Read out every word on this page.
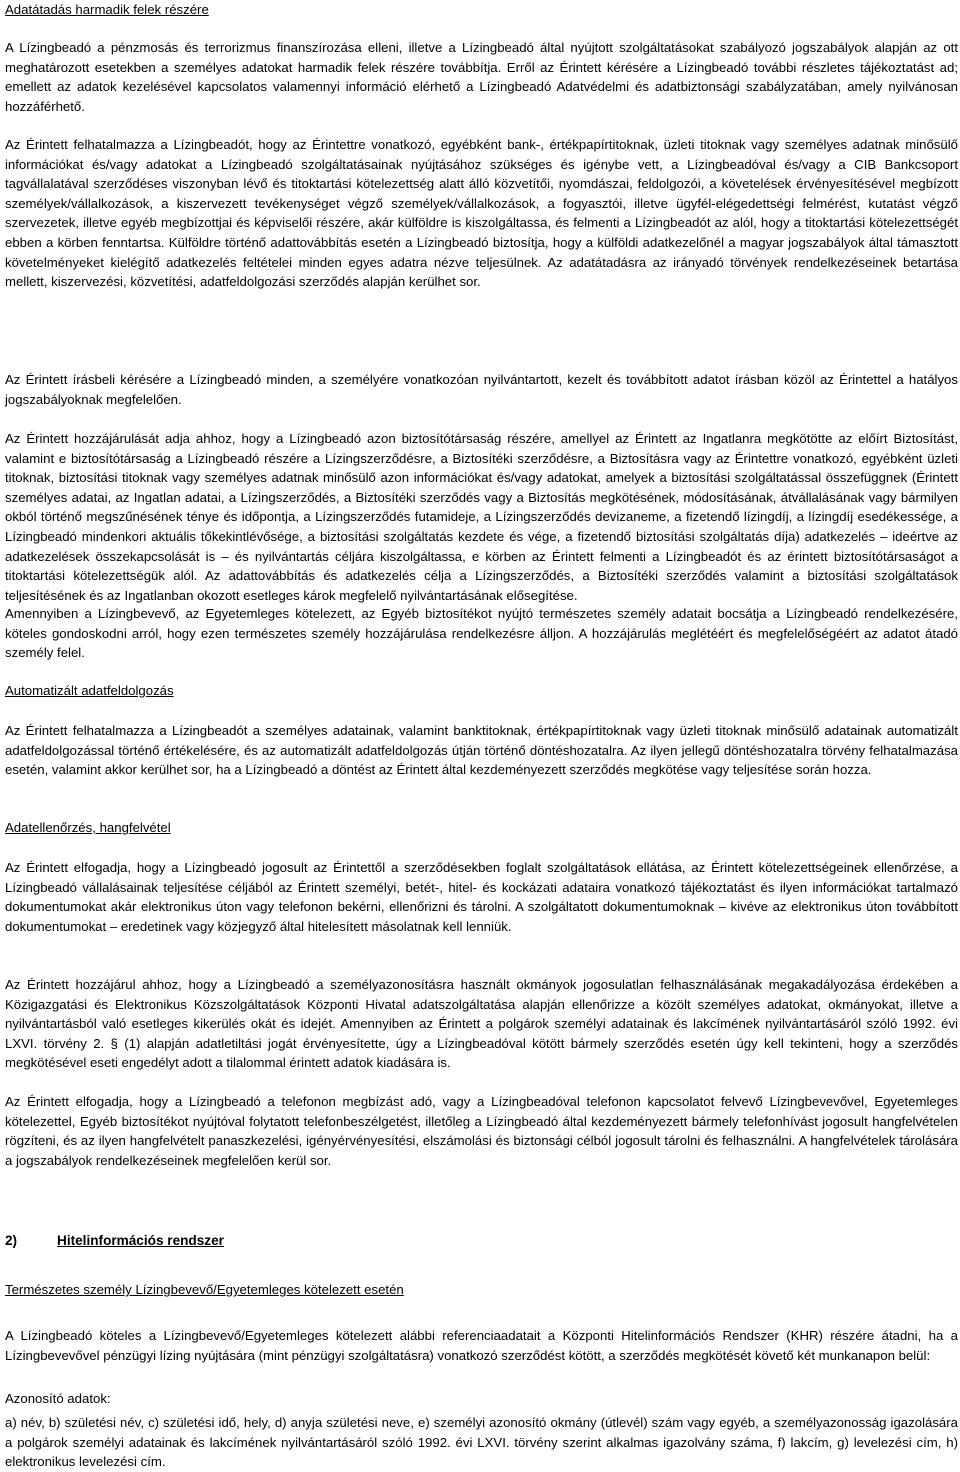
Adatátadás harmadik felek részére

A Lízingbeadó a pénzmosás és terrorizmus finanszírozása elleni, illetve a Lízingbeadó által nyújtott szolgáltatásokat szabályozó jogszabályok alapján az ott meghatározott esetekben a személyes adatokat harmadik felek részére továbbítja. Erről az Érintett kérésére a Lízingbeadó további részletes tájékoztatást ad; emellett az adatok kezelésével kapcsolatos valamennyi információ elérhető a Lízingbeadó Adatvédelmi és adatbiztonsági szabályzatában, amely nyilvánosan hozzáférhető.

Az Érintett felhatalmazza a Lízingbeadót, hogy az Érintettre vonatkozó, egyébként bank-, értékpapírtitoknak, üzleti titoknak vagy személyes adatnak minősülő információkat és/vagy adatokat a Lízingbeadó szolgáltatásainak nyújtásához szükséges és igénybe vett, a Lízingbeadóval és/vagy a CIB Bankcsoport tagvállalatával szerződéses viszonyban lévő és titoktartási kötelezettség alatt álló közvetítői, nyomdászai, feldolgozói, a követelések érvényesítésével megbízott személyek/vállalkozások, a kiszervezett tevékenységet végző személyek/vállalkozások, a fogyasztói, illetve ügyfél-elégedettségi felmérést, kutatást végző szervezetek, illetve egyéb megbízottjai és képviselői részére, akár külföldre is kiszolgáltassa, és felmenti a Lízingbeadót az alól, hogy a titoktartási kötelezettségét ebben a körben fenntartsa. Külföldre történő adattovábbítás esetén a Lízingbeadó biztosítja, hogy a külföldi adatkezelőnél a magyar jogszabályok által támasztott követelményeket kielégítő adatkezelés feltételei minden egyes adatra nézve teljesülnek. Az adatátadásra az irányadó törvények rendelkezéseinek betartása mellett, kiszervezési, közvetítési, adatfeldolgozási szerződés alapján kerülhet sor.

Az Érintett írásbeli kérésére a Lízingbeadó minden, a személyére vonatkozóan nyilvántartott, kezelt és továbbított adatot írásban közöl az Érintettel a hatályos jogszabályoknak megfelelően.

Az Érintett hozzájárulását adja ahhoz, hogy a Lízingbeadó azon biztosítótársaság részére, amellyel az Érintett az Ingatlanra megkötötte az előírt Biztosítást, valamint e biztosítótársaság a Lízingbeadó részére a Lízingszerződésre, a Biztosítéki szerződésre, a Biztosításra vagy az Érintettre vonatkozó, egyébként üzleti titoknak, biztosítási titoknak vagy személyes adatnak minősülő azon információkat és/vagy adatokat, amelyek a biztosítási szolgáltatással összefüggnek (Érintett személyes adatai, az Ingatlan adatai, a Lízingszerződés, a Biztosítéki szerződés vagy a Biztosítás megkötésének, módosításának, átvállalásának vagy bármilyen okból történő megszűnésének ténye és időpontja, a Lízingszerződés futamideje, a Lízingszerződés devizaneme, a fizetendő lízingdíj, a lízingdíj esedékessége, a Lízingbeadó mindenkori aktuális tőkekintlévősége, a biztosítási szolgáltatás kezdete és vége, a fizetendő biztosítási szolgáltatás díja) adatkezelés – ideértve az adatkezelések összekapcsolását is – és nyilvántartás céljára kiszolgáltassa, e körben az Érintett felmenti a Lízingbeadót és az érintett biztosítótársaságot a titoktartási kötelezettségük alól. Az adattovábbítás és adatkezelés célja a Lízingszerződés, a Biztosítéki szerződés valamint a biztosítási szolgáltatások teljesítésének és az Ingatlanban okozott esetleges károk megfelelő nyilvántartásának elősegítése.

Amennyiben a Lízingbevevő, az Egyetemleges kötelezett, az Egyéb biztosítékot nyújtó természetes személy adatait bocsátja a Lízingbeadó rendelkezésére, köteles gondoskodni arról, hogy ezen természetes személy hozzájárulása rendelkezésre álljon. A hozzájárulás meglétéért és megfelelőségéért az adatot átadó személy felel.

Automatizált adatfeldolgozás

Az Érintett felhatalmazza a Lízingbeadót a személyes adatainak, valamint banktitoknak, értékpapírtitoknak vagy üzleti titoknak minősülő adatainak automatizált adatfeldolgozással történő értékelésére, és az automatizált adatfeldolgozás útján történő döntéshozatalra. Az ilyen jellegű döntéshozatalra törvény felhatalmazása esetén, valamint akkor kerülhet sor, ha a Lízingbeadó a döntést az Érintett által kezdeményezett szerződés megkötése vagy teljesítése során hozza.

Adatellenőrzés, hangfelvétel

Az Érintett elfogadja, hogy a Lízingbeadó jogosult az Érintettől a szerződésekben foglalt szolgáltatások ellátása, az Érintett kötelezettségeinek ellenőrzése, a Lízingbeadó vállalásainak teljesítése céljából az Érintett személyi, betét-, hitel- és kockázati adataira vonatkozó tájékoztatást és ilyen információkat tartalmazó dokumentumokat akár elektronikus úton vagy telefonon bekérni, ellenőrizni és tárolni. A szolgáltatott dokumentumoknak – kivéve az elektronikus úton továbbított dokumentumokat – eredetinek vagy közjegyző által hitelesített másolatnak kell lenniük.

Az Érintett hozzájárul ahhoz, hogy a Lízingbeadó a személyazonosításra használt okmányok jogosulatlan felhasználásának megakadályozása érdekében a Közigazgatási és Elektronikus Közszolgáltatások Központi Hivatal adatszolgáltatása alapján ellenőrizze a közölt személyes adatokat, okmányokat, illetve a nyilvántartásból való esetleges kikerülés okát és idejét. Amennyiben az Érintett a polgárok személyi adatainak és lakcímének nyilvántartásáról szóló 1992. évi LXVI. törvény 2. § (1) alapján adatletiltási jogát érvényesítette, úgy a Lízingbeadóval kötött bármely szerződés esetén úgy kell tekinteni, hogy a szerződés megkötésével eseti engedélyt adott a tilalommal érintett adatok kiadására is.

Az Érintett elfogadja, hogy a Lízingbeadó a telefonon megbízást adó, vagy a Lízingbeadóval telefonon kapcsolatot felvevő Lízingbevevővel, Egyetemleges kötelezettel, Egyéb biztosítékot nyújtóval folytatott telefonbeszélgetést, illetőleg a Lízingbeadó által kezdeményezett bármely telefonhívást jogosult hangfelvételen rögzíteni, és az ilyen hangfelvételt panaszkezelési, igényérvényesítési, elszámolási és biztonsági célból jogosult tárolni és felhasználni. A hangfelvételek tárolására a jogszabályok rendelkezéseinek megfelelően kerül sor.

2)	Hitelinformációs rendszer

Természetes személy Lízingbevevő/Egyetemleges kötelezett esetén

A Lízingbeadó köteles a Lízingbevevő/Egyetemleges kötelezett alábbi referenciaadatait a Központi Hitelinformációs Rendszer (KHR) részére átadni, ha a Lízingbevevővel pénzügyi lízing nyújtására (mint pénzügyi szolgáltatásra) vonatkozó szerződést kötött, a szerződés megkötését követő két munkanapon belül:

Azonosító adatok:

a) név, b) születési név, c) születési idő, hely, d) anyja születési neve, e) személyi azonosító okmány (útlevél) szám vagy egyéb, a személyazonosság igazolására a polgárok személyi adatainak és lakcímének nyilvántartásáról szóló 1992. évi LXVI. törvény szerint alkalmas igazolvány száma, f) lakcím, g) levelezési cím, h) elektronikus levelezési cím.
